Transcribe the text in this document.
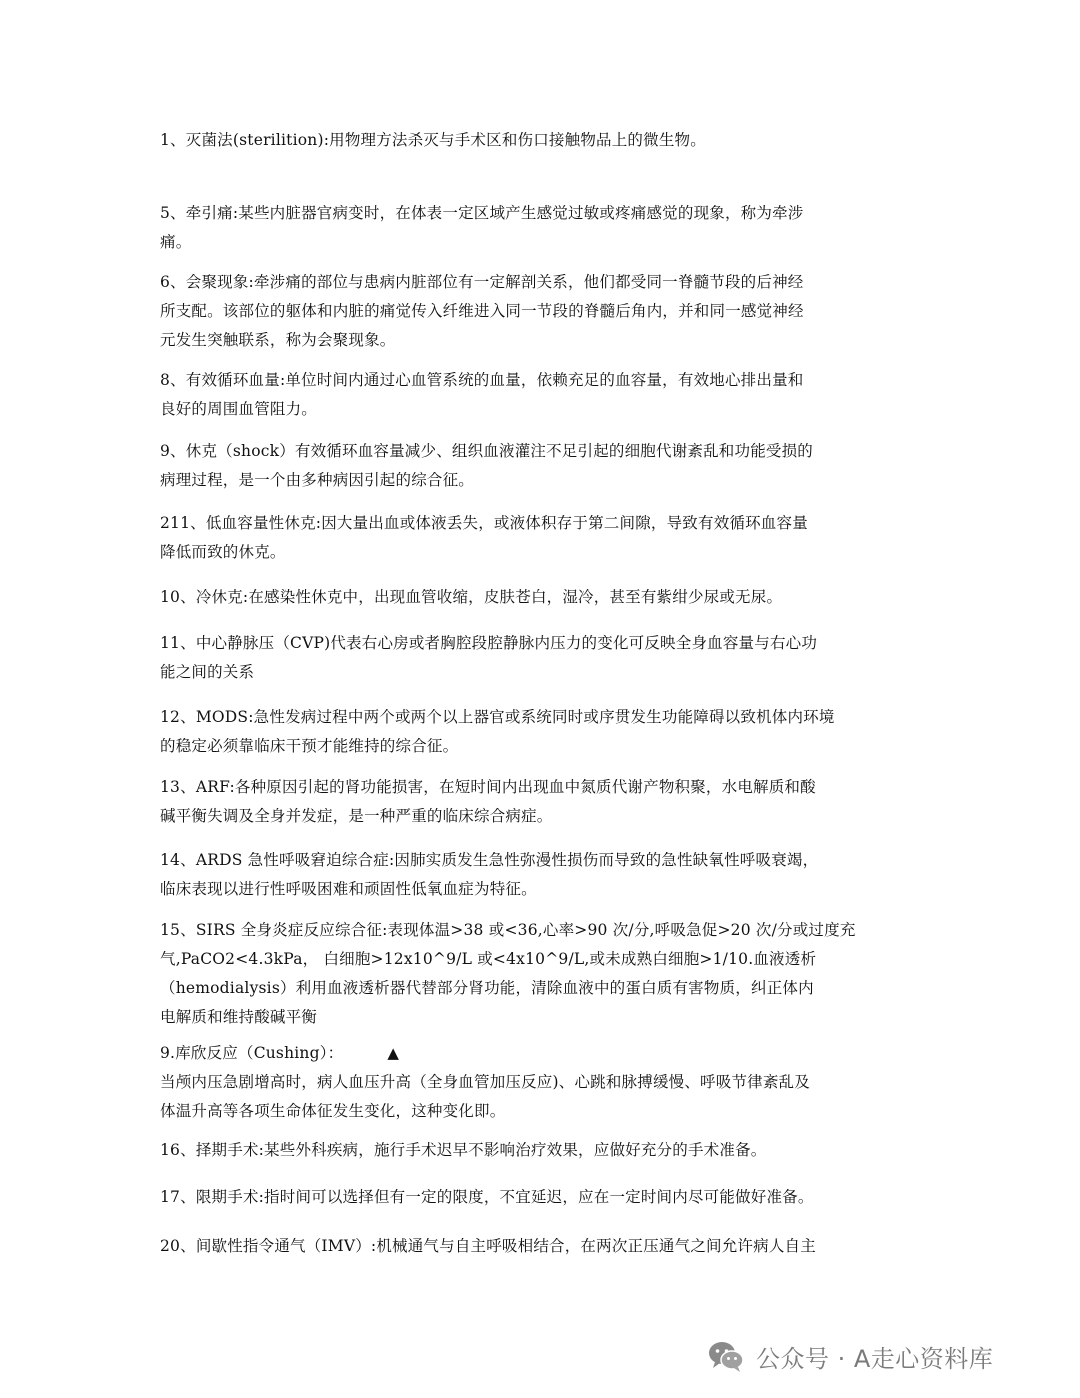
1、灭菌法(sterilition):用物理方法杀灭与手术区和伤口接触物品上的微生物。
5、牵引痛:某些内脏器官病变时，在体表一定区域产生感觉过敏或疼痛感觉的现象，称为牵涉
痛。
6、会聚现象:牵涉痛的部位与患病内脏部位有一定解剖关系，他们都受同一脊髓节段的后神经
所支配。该部位的躯体和内脏的痛觉传入纤维进入同一节段的脊髓后角内，并和同一感觉神经
元发生突触联系，称为会聚现象。
8、有效循环血量:单位时间内通过心血管系统的血量，依赖充足的血容量，有效地心排出量和
良好的周围血管阻力。
9、休克（shock）有效循环血容量减少、组织血液灌注不足引起的细胞代谢紊乱和功能受损的
病理过程，是一个由多种病因引起的综合征。
211、低血容量性休克:因大量出血或体液丢失，或液体积存于第二间隙，导致有效循环血容量
降低而致的休克。
10、冷休克:在感染性休克中，出现血管收缩，皮肤苍白，湿冷，甚至有紫绀少尿或无尿。
11、中心静脉压（CVP)代表右心房或者胸腔段腔静脉内压力的变化可反映全身血容量与右心功
能之间的关系
12、MODS:急性发病过程中两个或两个以上器官或系统同时或序贯发生功能障碍以致机体内环境
的稳定必须靠临床干预才能维持的综合征。
13、ARF:各种原因引起的肾功能损害，在短时间内出现血中氮质代谢产物积聚，水电解质和酸
碱平衡失调及全身并发症，是一种严重的临床综合病症。
14、ARDS 急性呼吸窘迫综合症:因肺实质发生急性弥漫性损伤而导致的急性缺氧性呼吸衰竭，
临床表现以进行性呼吸困难和顽固性低氧血症为特征。
15、SIRS 全身炎症反应综合征:表现体温>38 或<36,心率>90 次/分,呼吸急促>20 次/分或过度充
气,PaCO2<4.3kPa， 白细胞>12x10^9/L 或<4x10^9/L,或未成熟白细胞>1/10.血液透析
（hemodialysis）利用血液透析器代替部分肾功能，清除血液中的蛋白质有害物质，纠正体内
电解质和维持酸碱平衡
9.库欣反应（Cushing）：	▲
当颅内压急剧增高时，病人血压升高（全身血管加压反应)、心跳和脉搏缓慢、呼吸节律紊乱及
体温升高等各项生命体征发生变化，这种变化即。
16、择期手术:某些外科疾病，施行手术迟早不影响治疗效果，应做好充分的手术准备。
17、限期手术:指时间可以选择但有一定的限度，不宜延迟，应在一定时间内尽可能做好准备。
20、间歇性指令通气（IMV）:机械通气与自主呼吸相结合，在两次正压通气之间允许病人自主
公众号 · A走心资料库
